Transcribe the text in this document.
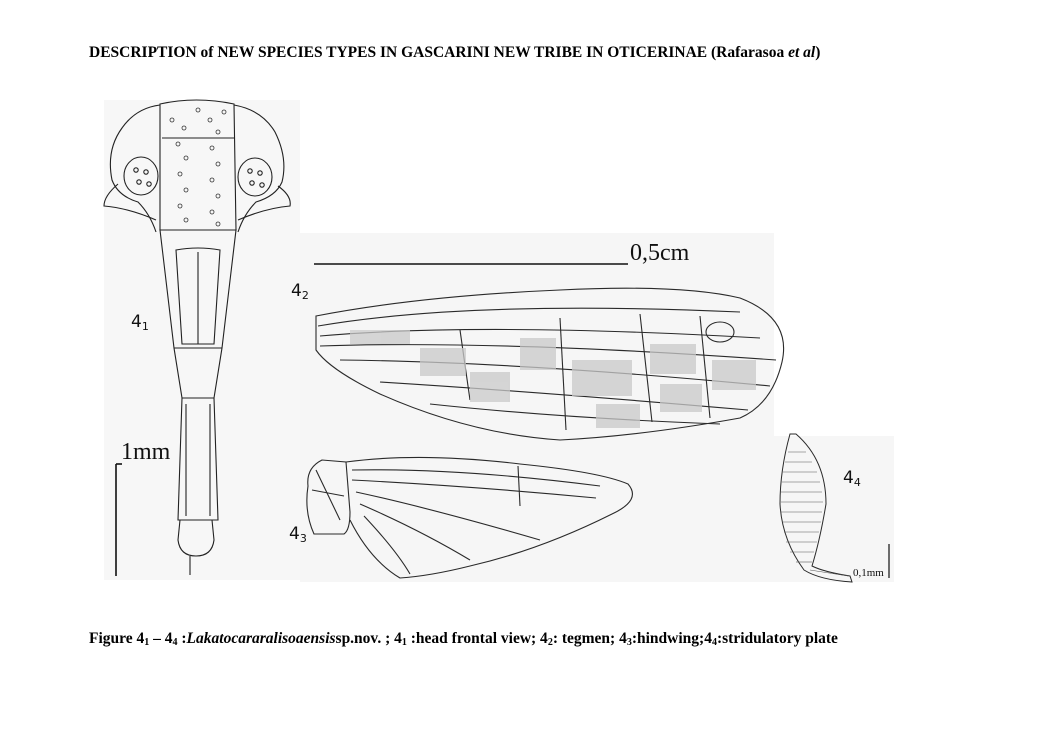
DESCRIPTION of NEW SPECIES TYPES IN GASCARINI NEW TRIBE IN OTICERINAE (Rafarasoa et al)
$4_1$
$4_2$
$4_3$
$4_4$
1mm
0,5cm
0,1mm
Figure $4_1 - 4_4$ :Lakatocararalisoaensissp.nov. ; $4_1$ :head frontal view; $4_2$: tegmen; $4_3:hindwing;4_4:stridulatory$ plate
